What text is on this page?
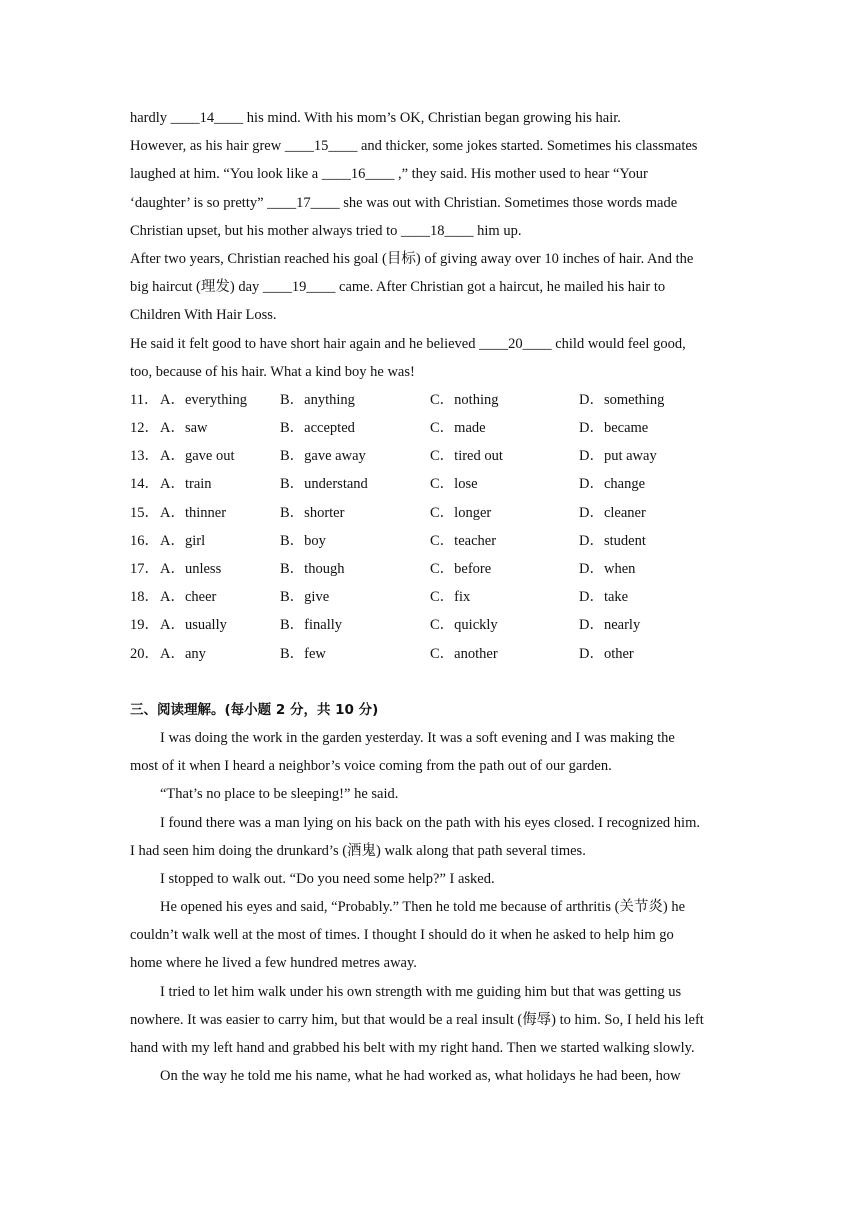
hardly ____14____ his mind. With his mom’s OK, Christian began growing his hair.
However, as his hair grew ____15____ and thicker, some jokes started. Sometimes his classmates
laughed at him. “You look like a ____16____ ,” they said. His mother used to hear “Your
‘daughter’ is so pretty” ____17____ she was out with Christian. Sometimes those words made
Christian upset, but his mother always tried to ____18____ him up.
After two years, Christian reached his goal (目标) of giving away over 10 inches of hair. And the
big haircut (理发) day ____19____ came. After Christian got a haircut, he mailed his hair to
Children With Hair Loss.
He said it felt good to have short hair again and he believed ____20____ child would feel good,
too, because of his hair. What a kind boy he was!
11． A．everything B．anything	C．nothing	D．something
12． A．saw	B．accepted	C．made	D．became
13． A．gave out	B．gave away	C．tired out	D．put away
14． A．train	B．understand	C．lose	D．change
15． A．thinner	B．shorter	C．longer	D．cleaner
16． A．girl	B．boy	C．teacher	D．student
17． A．unless	B．though	C．before	D．when
18． A．cheer	B．give	C．fix	D．take
19． A．usually	B．finally	C．quickly	D．nearly
20． A．any	B．few	C．another	D．other
三、阅读理解。(每小题 2 分，共 10 分)
I was doing the work in the garden yesterday. It was a soft evening and I was making the
most of it when I heard a neighbor’s voice coming from the path out of our garden.
“That’s no place to be sleeping!” he said.
I found there was a man lying on his back on the path with his eyes closed. I recognized him.
I had seen him doing the drunkard’s (酒鬼) walk along that path several times.
I stopped to walk out. “Do you need some help?” I asked.
He opened his eyes and said, “Probably.” Then he told me because of arthritis (关节炎) he
couldn’t walk well at the most of times. I thought I should do it when he asked to help him go
home where he lived a few hundred metres away.
I tried to let him walk under his own strength with me guiding him but that was getting us
nowhere. It was easier to carry him, but that would be a real insult (侮辱) to him. So, I held his left
hand with my left hand and grabbed his belt with my right hand. Then we started walking slowly.
On the way he told me his name, what he had worked as, what holidays he had been, how
